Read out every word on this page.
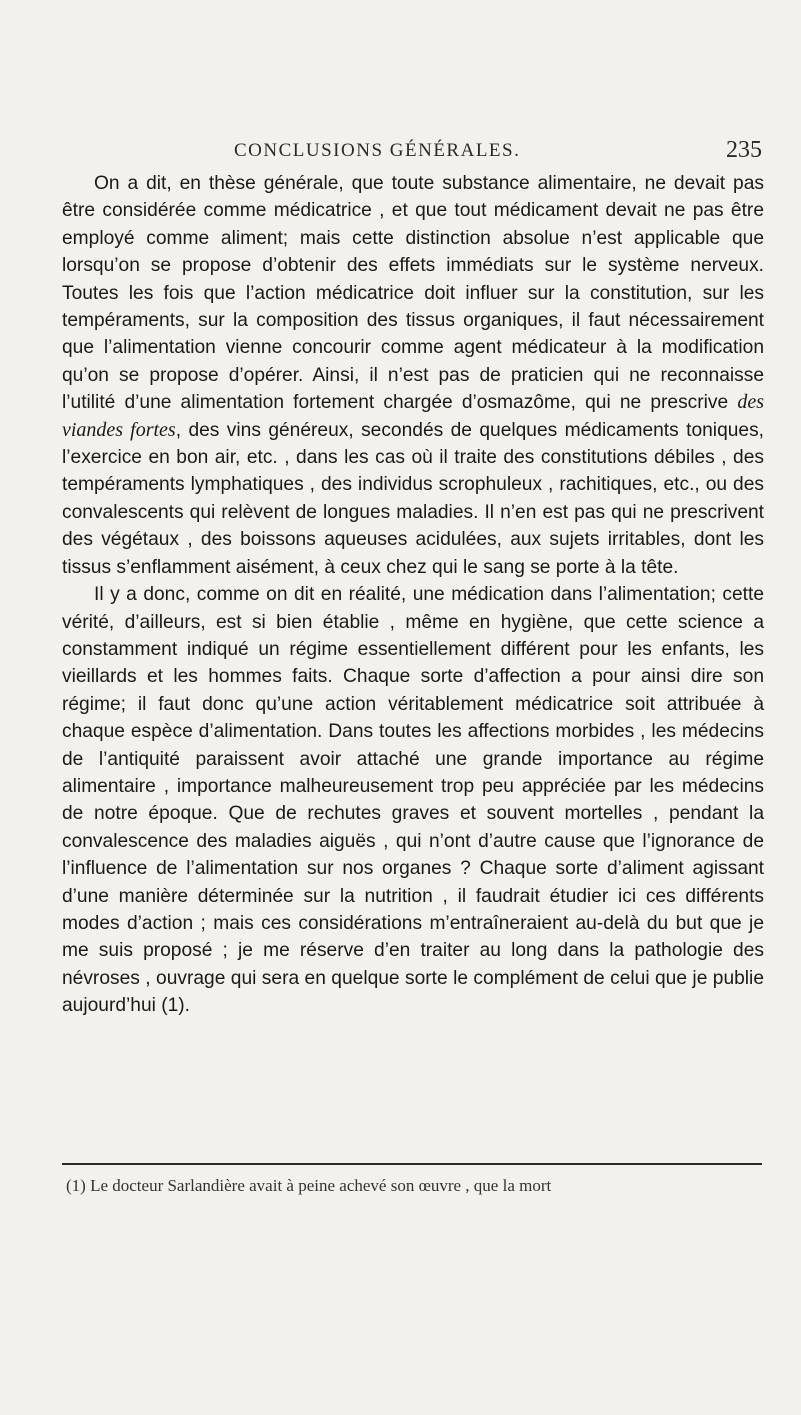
CONCLUSIONS GÉNÉRALES.	235

On a dit, en thèse générale, que toute substance alimentaire, ne devait pas être considérée comme médicatrice , et que tout médicament devait ne pas être employé comme aliment; mais cette distinction absolue n’est applicable que lorsqu’on se propose d’obtenir des effets immédiats sur le système nerveux. Toutes les fois que l’action médicatrice doit influer sur la constitution, sur les tempéraments, sur la composition des tissus organiques, il faut nécessairement que l’alimentation vienne concourir comme agent médicateur à la modification qu’on se propose d’opérer. Ainsi, il n’est pas de praticien qui ne reconnaisse l’utilité d’une alimentation fortement chargée d’osmazôme, qui ne prescrive des viandes fortes, des vins généreux, secondés de quelques médicaments toniques, l’exercice en bon air, etc. , dans les cas où il traite des constitutions débiles , des tempéraments lymphatiques , des individus scrophuleux , rachitiques, etc., ou des convalescents qui relèvent de longues maladies. Il n’en est pas qui ne prescrivent des végétaux , des boissons aqueuses acidulées, aux sujets irritables, dont les tissus s’enflamment aisément, à ceux chez qui le sang se porte à la tête.

Il y a donc, comme on dit en réalité, une médication dans l’alimentation; cette vérité, d’ailleurs, est si bien établie , même en hygiène, que cette science a constamment indiqué un régime essentiellement différent pour les enfants, les vieillards et les hommes faits. Chaque sorte d’affection a pour ainsi dire son régime; il faut donc qu’une action véritablement médicatrice soit attribuée à chaque espèce d’alimentation. Dans toutes les affections morbides , les médecins de l’antiquité paraissent avoir attaché une grande importance au régime alimentaire , importance malheureusement trop peu appréciée par les médecins de notre époque. Que de rechutes graves et souvent mortelles , pendant la convalescence des maladies aiguës , qui n’ont d’autre cause que l’ignorance de l’influence de l’alimentation sur nos organes ? Chaque sorte d’aliment agissant d’une manière déterminée sur la nutrition , il faudrait étudier ici ces différents modes d’action ; mais ces considérations m’entraîneraient au-delà du but que je me suis proposé ; je me réserve d’en traiter au long dans la pathologie des névroses , ouvrage qui sera en quelque sorte le complément de celui que je publie aujourd’hui (1).

(1) Le docteur Sarlandière avait à peine achevé son œuvre , que la mort
